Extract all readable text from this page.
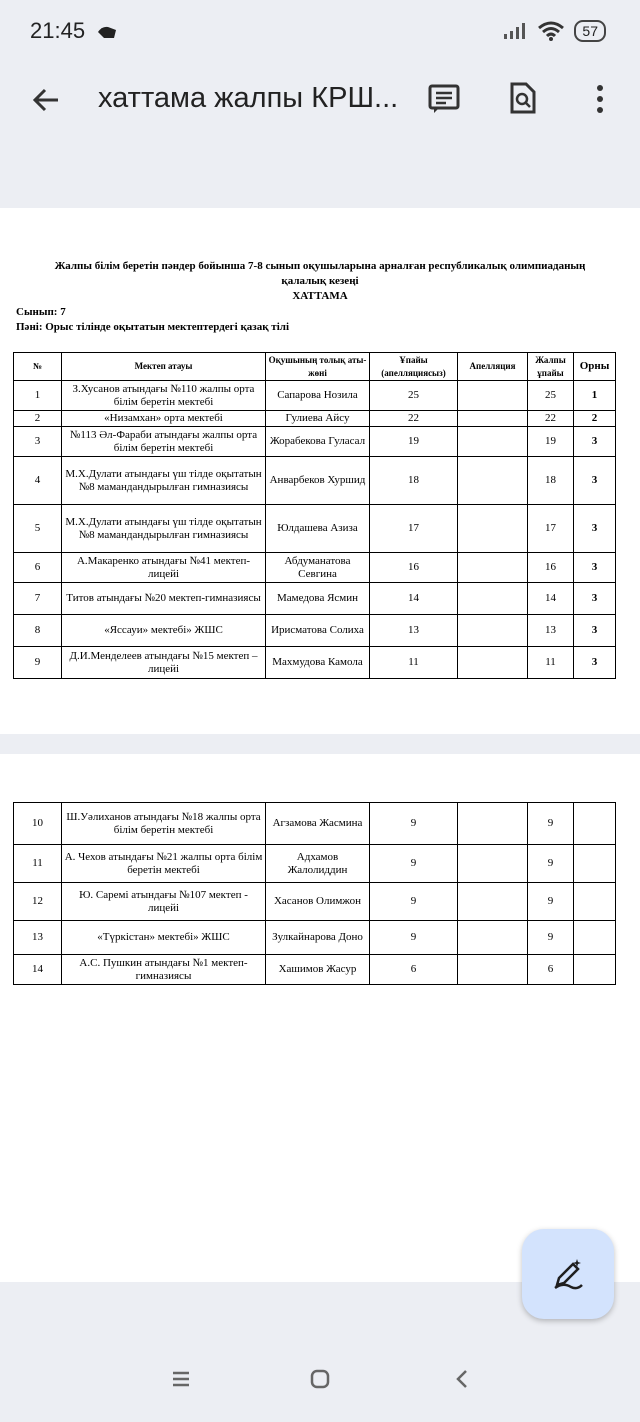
21:45	57
хаттама жалпы КРШ...
Жалпы білім беретін пәндер бойынша 7-8 сынып оқушыларына арналған республикалық олимпиаданың
қалалық кезеңі
ХАТТАМА
Сынып: 7
Пәні: Орыс тілінде оқытатын мектептердегі қазақ тілі
№	Мектеп атауы	Оқушының толық аты- жөні	Ұпайы (апелляциясыз)	Апелляция	Жалпы ұпайы	Орны
1	З.Хусанов атындағы №110 жалпы орта білім беретін мектебі	Сапарова Нозила	25		25	1
2	«Низамхан» орта мектебі	Гулиева Айсу	22		22	2
3	№113 Әл-Фараби атындағы жалпы орта білім беретін мектебі	Жорабекова Гуласал	19		19	3
4	М.Х.Дулати атындағы үш тілде оқытатын №8 мамандандырылған гимназиясы	Анварбеков Хуршид	18		18	3
5	М.Х.Дулати атындағы үш тілде оқытатын №8 мамандандырылған гимназиясы	Юлдашева Азиза	17		17	3
6	А.Макаренко атындағы №41 мектеп-лицейі	Абдуманатова Севгина	16		16	3
7	Титов атындағы №20 мектеп-гимназиясы	Мамедова Ясмин	14		14	3
8	«Яссауи» мектебі» ЖШС	Ирисматова Солиха	13		13	3
9	Д.И.Менделеев атындағы №15 мектеп –лицейі	Махмудова Камола	11		11	3
10	Ш.Уәлиханов атындағы №18 жалпы орта білім беретін мектебі	Агзамова Жасмина	9		9	
11	А. Чехов атындағы №21 жалпы орта білім беретін мектебі	Адхамов Жалолиддин	9		9	
12	Ю. Саремі атындағы №107 мектеп - лицейі	Хасанов Олимжон	9		9	
13	«Түркістан» мектебі» ЖШС	Зулкайнарова Доно	9		9	
14	А.С. Пушкин атындағы №1 мектеп-гимназиясы	Хашимов Жасур	6		6	
